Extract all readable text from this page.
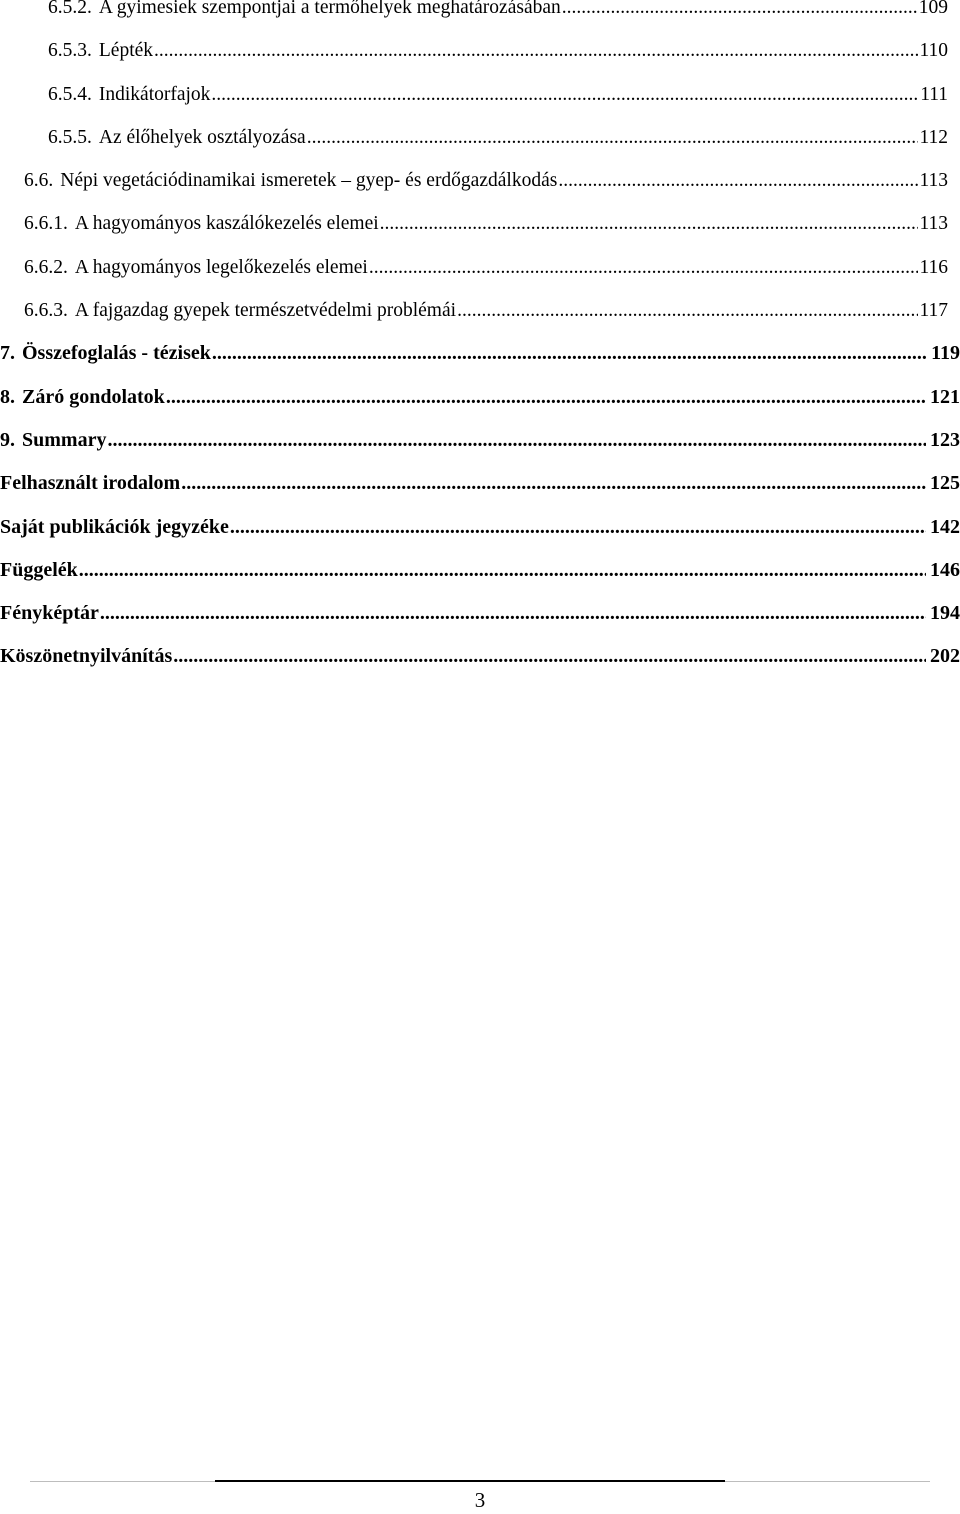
6.5.2. A gyimesiek szempontjai a termőhelyek meghatározásában .....	109
6.5.3. Lépték .....	110
6.5.4. Indikátorfajok .....	111
6.5.5. Az élőhelyek osztályozása .....	112
6.6. Népi vegetációdinamikai ismeretek – gyep- és erdőgazdálkodás .....	113
6.6.1. A hagyományos kaszálókezelés elemei .....	113
6.6.2. A hagyományos legelőkezelés elemei .....	116
6.6.3. A fajgazdag gyepek természetvédelmi problémái .....	117
7. Összefoglalás - tézisek .....	119
8. Záró gondolatok .....	121
9. Summary .....	123
Felhasznált irodalom .....	125
Saját publikációk jegyzéke .....	142
Függelék .....	146
Fényképtár .....	194
Köszönetnyilvánítás .....	202
3
